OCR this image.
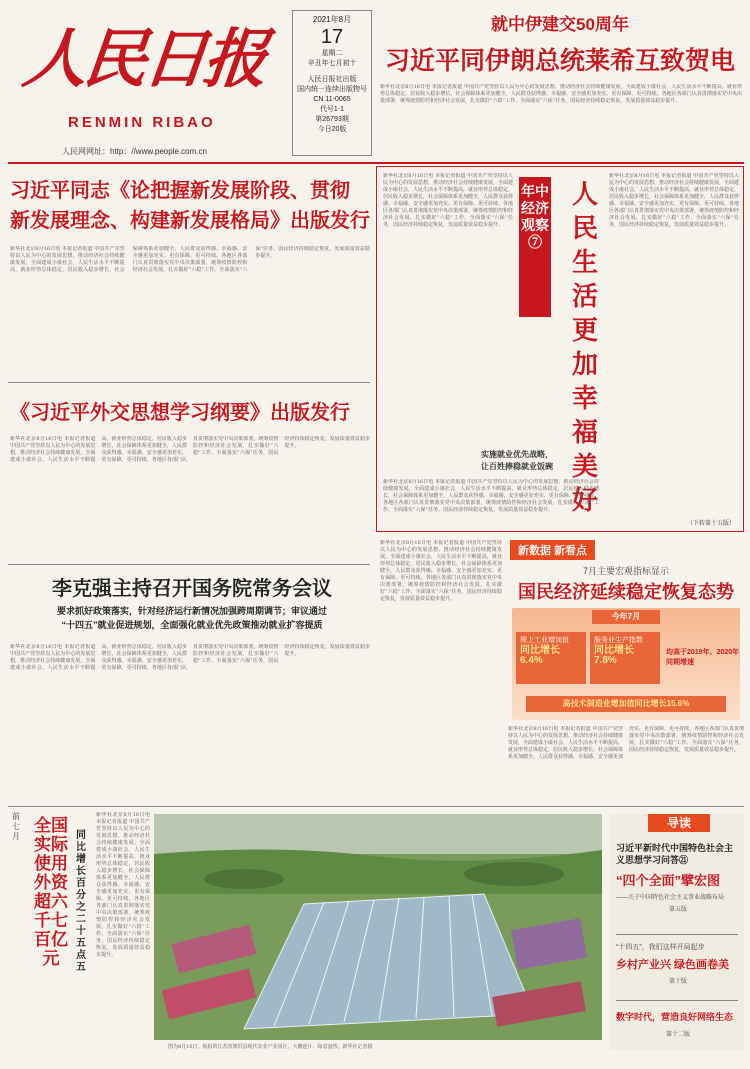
人民日报
RENMIN RIBAO
人民网网址：http：//www.people.com.cn
2021年8月
17
星期二
辛丑年七月初十
人民日报社出版
国内统一连续出版物号 CN 11-0065
代号1-1
第26793期
今日20版
就中伊建交50周年
习近平同伊朗总统莱希互致贺电
新华社北京8月16日电 本报记者报道 中国共产党坚持以人民为中心的发展思想，推动经济社会持续健康发展，全面建成小康社会，人民生活水平不断提高，就业形势总体稳定，居民收入稳步增长，社会保障体系更加健全，人民群众获得感、幸福感、安全感更加充实、更有保障、更可持续。各地区各部门认真贯彻落实党中央决策部署，统筹疫情防控和经济社会发展，扎实做好“六稳”工作、全面落实“六保”任务，国民经济持续稳定恢复，发展质量效益稳步提升。
习近平同志《论把握新发展阶段、贯彻
新发展理念、构建新发展格局》出版发行
新华社北京8月16日电 本报记者报道 中国共产党坚持以人民为中心的发展思想，推动经济社会持续健康发展，全面建成小康社会，人民生活水平不断提高，就业形势总体稳定，居民收入稳步增长，社会保障体系更加健全，人民群众获得感、幸福感、安全感更加充实、更有保障、更可持续。各地区各部门认真贯彻落实党中央决策部署，统筹疫情防控和经济社会发展，扎实做好“六稳”工作、全面落实“六保”任务，国民经济持续稳定恢复，发展质量效益稳步提升。
《习近平外交思想学习纲要》出版发行
新华社北京8月16日电 本报记者报道 中国共产党坚持以人民为中心的发展思想，推动经济社会持续健康发展，全面建成小康社会，人民生活水平不断提高，就业形势总体稳定，居民收入稳步增长，社会保障体系更加健全，人民群众获得感、幸福感、安全感更加充实、更有保障、更可持续。各地区各部门认真贯彻落实党中央决策部署，统筹疫情防控和经济社会发展，扎实做好“六稳”工作、全面落实“六保”任务，国民经济持续稳定恢复，发展质量效益稳步提升。
新华社北京8月16日电 本报记者报道 中国共产党坚持以人民为中心的发展思想，推动经济社会持续健康发展，全面建成小康社会，人民生活水平不断提高，就业形势总体稳定，居民收入稳步增长，社会保障体系更加健全，人民群众获得感、幸福感、安全感更加充实、更有保障、更可持续。各地区各部门认真贯彻落实党中央决策部署，统筹疫情防控和经济社会发展，扎实做好“六稳”工作、全面落实“六保”任务，国民经济持续稳定恢复，发展质量效益稳步提升。
年中经济观察⑦
人民生活更加幸福美好
新华社北京8月16日电 本报记者报道 中国共产党坚持以人民为中心的发展思想，推动经济社会持续健康发展，全面建成小康社会，人民生活水平不断提高，就业形势总体稳定，居民收入稳步增长，社会保障体系更加健全，人民群众获得感、幸福感、安全感更加充实、更有保障、更可持续。各地区各部门认真贯彻落实党中央决策部署，统筹疫情防控和经济社会发展，扎实做好“六稳”工作、全面落实“六保”任务，国民经济持续稳定恢复，发展质量效益稳步提升。
实施就业优先战略，
让百姓捧稳就业饭碗
新华社北京8月16日电 本报记者报道 中国共产党坚持以人民为中心的发展思想，推动经济社会持续健康发展，全面建成小康社会，人民生活水平不断提高，就业形势总体稳定，居民收入稳步增长，社会保障体系更加健全，人民群众获得感、幸福感、安全感更加充实、更有保障、更可持续。各地区各部门认真贯彻落实党中央决策部署，统筹疫情防控和经济社会发展，扎实做好“六稳”工作、全面落实“六保”任务，国民经济持续稳定恢复，发展质量效益稳步提升。
（下转第十五版）
李克强主持召开国务院常务会议
要求抓好政策落实，针对经济运行新情况加强跨周期调节；审议通过
“十四五”就业促进规划，全面强化就业优先政策推动就业扩容提质
新华社北京8月16日电 本报记者报道 中国共产党坚持以人民为中心的发展思想，推动经济社会持续健康发展，全面建成小康社会，人民生活水平不断提高，就业形势总体稳定，居民收入稳步增长，社会保障体系更加健全，人民群众获得感、幸福感、安全感更加充实、更有保障、更可持续。各地区各部门认真贯彻落实党中央决策部署，统筹疫情防控和经济社会发展，扎实做好“六稳”工作、全面落实“六保”任务，国民经济持续稳定恢复，发展质量效益稳步提升。
新华社北京8月16日电 本报记者报道 中国共产党坚持以人民为中心的发展思想，推动经济社会持续健康发展，全面建成小康社会，人民生活水平不断提高，就业形势总体稳定，居民收入稳步增长，社会保障体系更加健全，人民群众获得感、幸福感、安全感更加充实、更有保障、更可持续。各地区各部门认真贯彻落实党中央决策部署，统筹疫情防控和经济社会发展，扎实做好“六稳”工作、全面落实“六保”任务，国民经济持续稳定恢复，发展质量效益稳步提升。
新数据 新看点
7月主要宏观指标显示
国民经济延续稳定恢复态势
今年7月
规上工业增加值
同比增长6.4%
服务业生产指数
同比增长7.8%
均高于2019年、2020年同期增速
高技术制造业增加值同比增长15.6%
新华社北京8月16日电 本报记者报道 中国共产党坚持以人民为中心的发展思想，推动经济社会持续健康发展，全面建成小康社会，人民生活水平不断提高，就业形势总体稳定，居民收入稳步增长，社会保障体系更加健全，人民群众获得感、幸福感、安全感更加充实、更有保障、更可持续。各地区各部门认真贯彻落实党中央决策部署，统筹疫情防控和经济社会发展，扎实做好“六稳”工作、全面落实“六保”任务，国民经济持续稳定恢复，发展质量效益稳步提升。
前七月
全国实际使用外资超六千七百亿元
同比增长百分之二十五点五
新华社北京8月16日电 本报记者报道 中国共产党坚持以人民为中心的发展思想，推动经济社会持续健康发展，全面建成小康社会，人民生活水平不断提高，就业形势总体稳定，居民收入稳步增长，社会保障体系更加健全，人民群众获得感、幸福感、安全感更加充实、更有保障、更可持续。各地区各部门认真贯彻落实党中央决策部署，统筹疫情防控和经济社会发展，扎实做好“六稳”工作、全面落实“六保”任务，国民经济持续稳定恢复，发展质量效益稳步提升。
图为8月16日，航拍的江苏省泗洪县现代农业产业园区，大棚连片、绿意盎然。新华社记者摄
导读
习近平新时代中国特色社会主义思想学习问答㉑
“四个全面”擘宏图
——关于中国特色社会主义事业战略布局
第五版
“十四五”，我们这样开局起步
乡村产业兴 绿色画卷美
第十版
数字时代，营造良好网络生态
第十二版
